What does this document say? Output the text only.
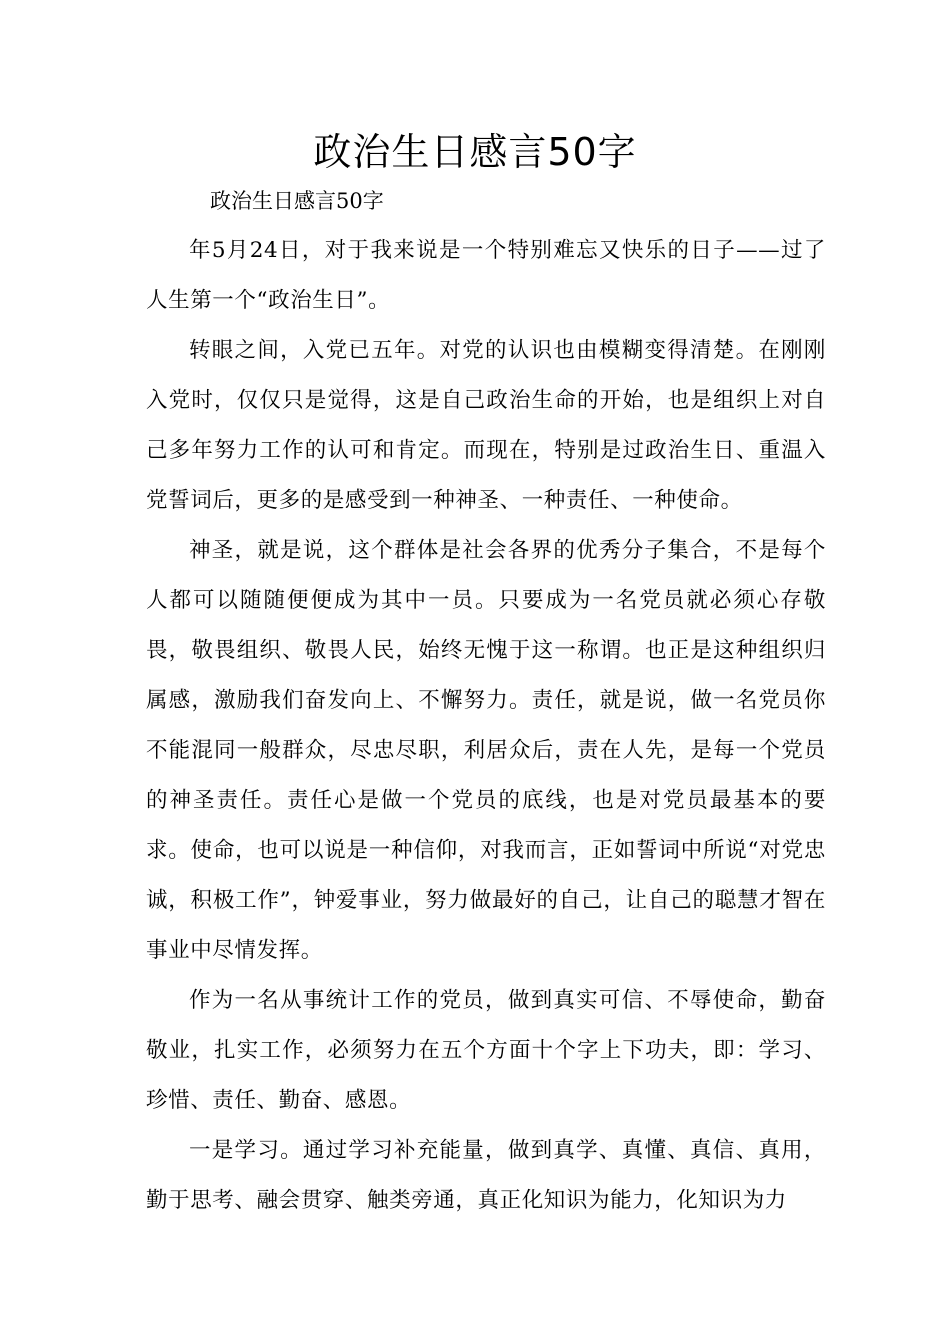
政治生日感言50字
政治生日感言50字

年5月24日，对于我来说是一个特别难忘又快乐的日子——过了人生第一个“政治生日”。

转眼之间，入党已五年。对党的认识也由模糊变得清楚。在刚刚入党时，仅仅只是觉得，这是自己政治生命的开始，也是组织上对自己多年努力工作的认可和肯定。而现在，特别是过政治生日、重温入党誓词后，更多的是感受到一种神圣、一种责任、一种使命。

神圣，就是说，这个群体是社会各界的优秀分子集合，不是每个人都可以随随便便成为其中一员。只要成为一名党员就必须心存敬畏，敬畏组织、敬畏人民，始终无愧于这一称谓。也正是这种组织归属感，激励我们奋发向上、不懈努力。责任，就是说，做一名党员你不能混同一般群众，尽忠尽职，利居众后，责在人先，是每一个党员的神圣责任。责任心是做一个党员的底线，也是对党员最基本的要求。使命，也可以说是一种信仰，对我而言，正如誓词中所说“对党忠诚，积极工作”，钟爱事业，努力做最好的自己，让自己的聪慧才智在事业中尽情发挥。

作为一名从事统计工作的党员，做到真实可信、不辱使命，勤奋敬业，扎实工作，必须努力在五个方面十个字上下功夫，即：学习、珍惜、责任、勤奋、感恩。

一是学习。通过学习补充能量，做到真学、真懂、真信、真用，勤于思考、融会贯穿、触类旁通，真正化知识为能力，化知识为力
